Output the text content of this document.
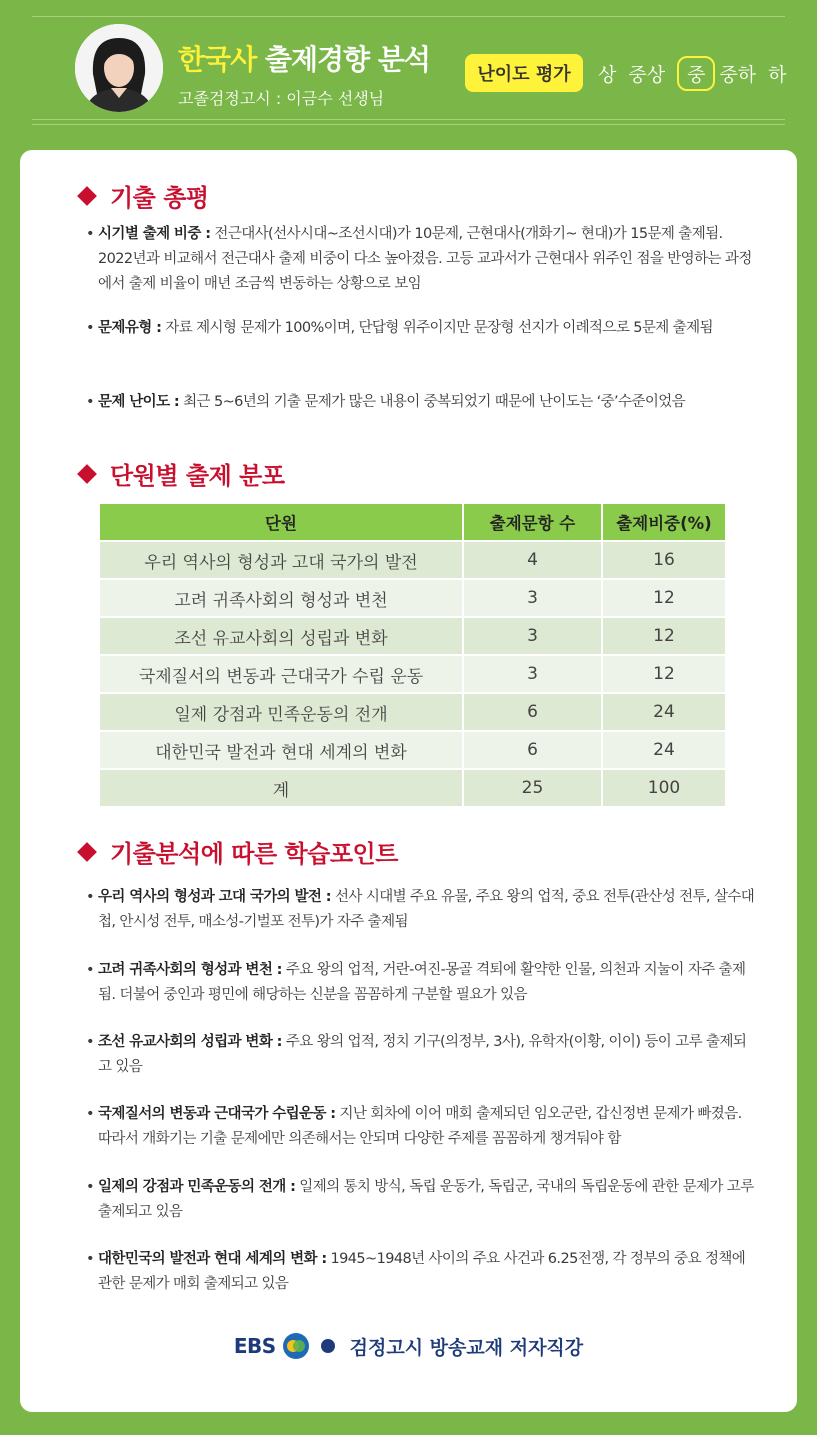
한국사 출제경향 분석
고졸검정고시 : 이금수 선생님
난이도 평가	상 중상	중 중하 하
기출 총평
• 시기별 출제 비중 : 전근대사(선사시대~조선시대)가 10문제, 근현대사(개화기~ 현대)가 15문제 출제됨. 2022년과 비교해서 전근대사 출제 비중이 다소 높아졌음. 고등 교과서가 근현대사 위주인 점을 반영하는 과정에서 출제 비율이 매년 조금씩 변동하는 상황으로 보임
• 문제유형 : 자료 제시형 문제가 100%이며, 단답형 위주이지만 문장형 선지가 이례적으로 5문제 출제됨
• 문제 난이도 : 최근 5~6년의 기출 문제가 많은 내용이 중복되었기 때문에 난이도는 ‘중’수준이었음
단원별 출제 분포
단원	출제문항 수	출제비중(%)
우리 역사의 형성과 고대 국가의 발전	4	16
고려 귀족사회의 형성과 변천	3	12
조선 유교사회의 성립과 변화	3	12
국제질서의 변동과 근대국가 수립 운동	3	12
일제 강점과 민족운동의 전개	6	24
대한민국 발전과 현대 세계의 변화	6	24
계	25	100
기출분석에 따른 학습포인트
• 우리 역사의 형성과 고대 국가의 발전 : 선사 시대별 주요 유물, 주요 왕의 업적, 중요 전투(관산성 전투, 살수대첩, 안시성 전투, 매소성-기벌포 전투)가 자주 출제됨
• 고려 귀족사회의 형성과 변천 : 주요 왕의 업적, 거란-여진-몽골 격퇴에 활약한 인물, 의천과 지눌이 자주 출제됨. 더불어 중인과 평민에 해당하는 신분을 꼼꼼하게 구분할 필요가 있음
• 조선 유교사회의 성립과 변화 : 주요 왕의 업적, 정치 기구(의정부, 3사), 유학자(이황, 이이) 등이 고루 출제되고 있음
• 국제질서의 변동과 근대국가 수립운동 : 지난 회차에 이어 매회 출제되던 임오군란, 갑신정변 문제가 빠졌음. 따라서 개화기는 기출 문제에만 의존해서는 안되며 다양한 주제를 꼼꼼하게 챙겨둬야 함
• 일제의 강점과 민족운동의 전개 : 일제의 통치 방식, 독립 운동가, 독립군, 국내의 독립운동에 관한 문제가 고루 출제되고 있음
• 대한민국의 발전과 현대 세계의 변화 : 1945~1948년 사이의 주요 사건과 6.25전쟁, 각 정부의 중요 정책에 관한 문제가 매회 출제되고 있음
EBS	검정고시 방송교재 저자직강
